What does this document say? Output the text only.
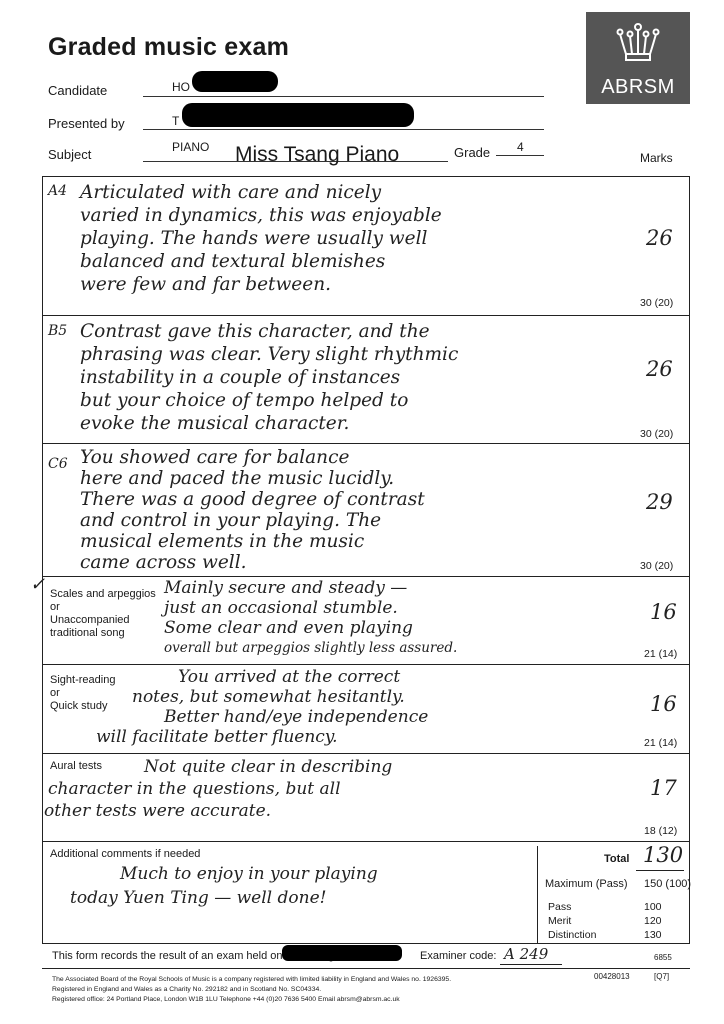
Graded music exam
ABRSM
Candidate	HO
Presented by	T
Subject	PIANO Miss Tsang Piano	Grade 4
Marks
A4 Articulated with care and nicely
varied in dynamics, this was enjoyable
playing. The hands were usually well
balanced and textural blemishes
were few and far between.
26
30 (20)
B5 Contrast gave this character, and the
phrasing was clear. Very slight rhythmic
instability in a couple of instances
but your choice of tempo helped to
evoke the musical character.
26
30 (20)
C6 You showed care for balance
here and paced the music lucidly.
There was a good degree of contrast
and control in your playing. The
musical elements in the music
came across well.
29
30 (20)
✓ Scales and arpeggios
or
Unaccompanied
traditional song
Mainly secure and steady —
just an occasional stumble.
Some clear and even playing
overall but arpeggios slightly less assured.
16
21 (14)
Sight-reading
or
Quick study
You arrived at the correct
notes, but somewhat hesitantly.
Better hand/eye independence
will facilitate better fluency.
16
21 (14)
Aural tests	Not quite clear in describing
character in the questions, but all
other tests were accurate.
17
18 (12)
Additional comments if needed
Much to enjoy in your playing
today Yuen Ting — well done!
Total 130
Maximum (Pass) 150 (100)
Pass	100
Merit	120
Distinction	130
This form records the result of an exam held on	Examiner code: A 249	6855
The Associated Board of the Royal Schools of Music is a company registered with limited liability in England and Wales no. 1926395.
Registered in England and Wales as a Charity No. 292182 and in Scotland No. SC04334.
Registered office: 24 Portland Place, London W1B 1LU Telephone +44 (0)20 7636 5400 Email abrsm@abrsm.ac.uk
00428013	[Q7]
